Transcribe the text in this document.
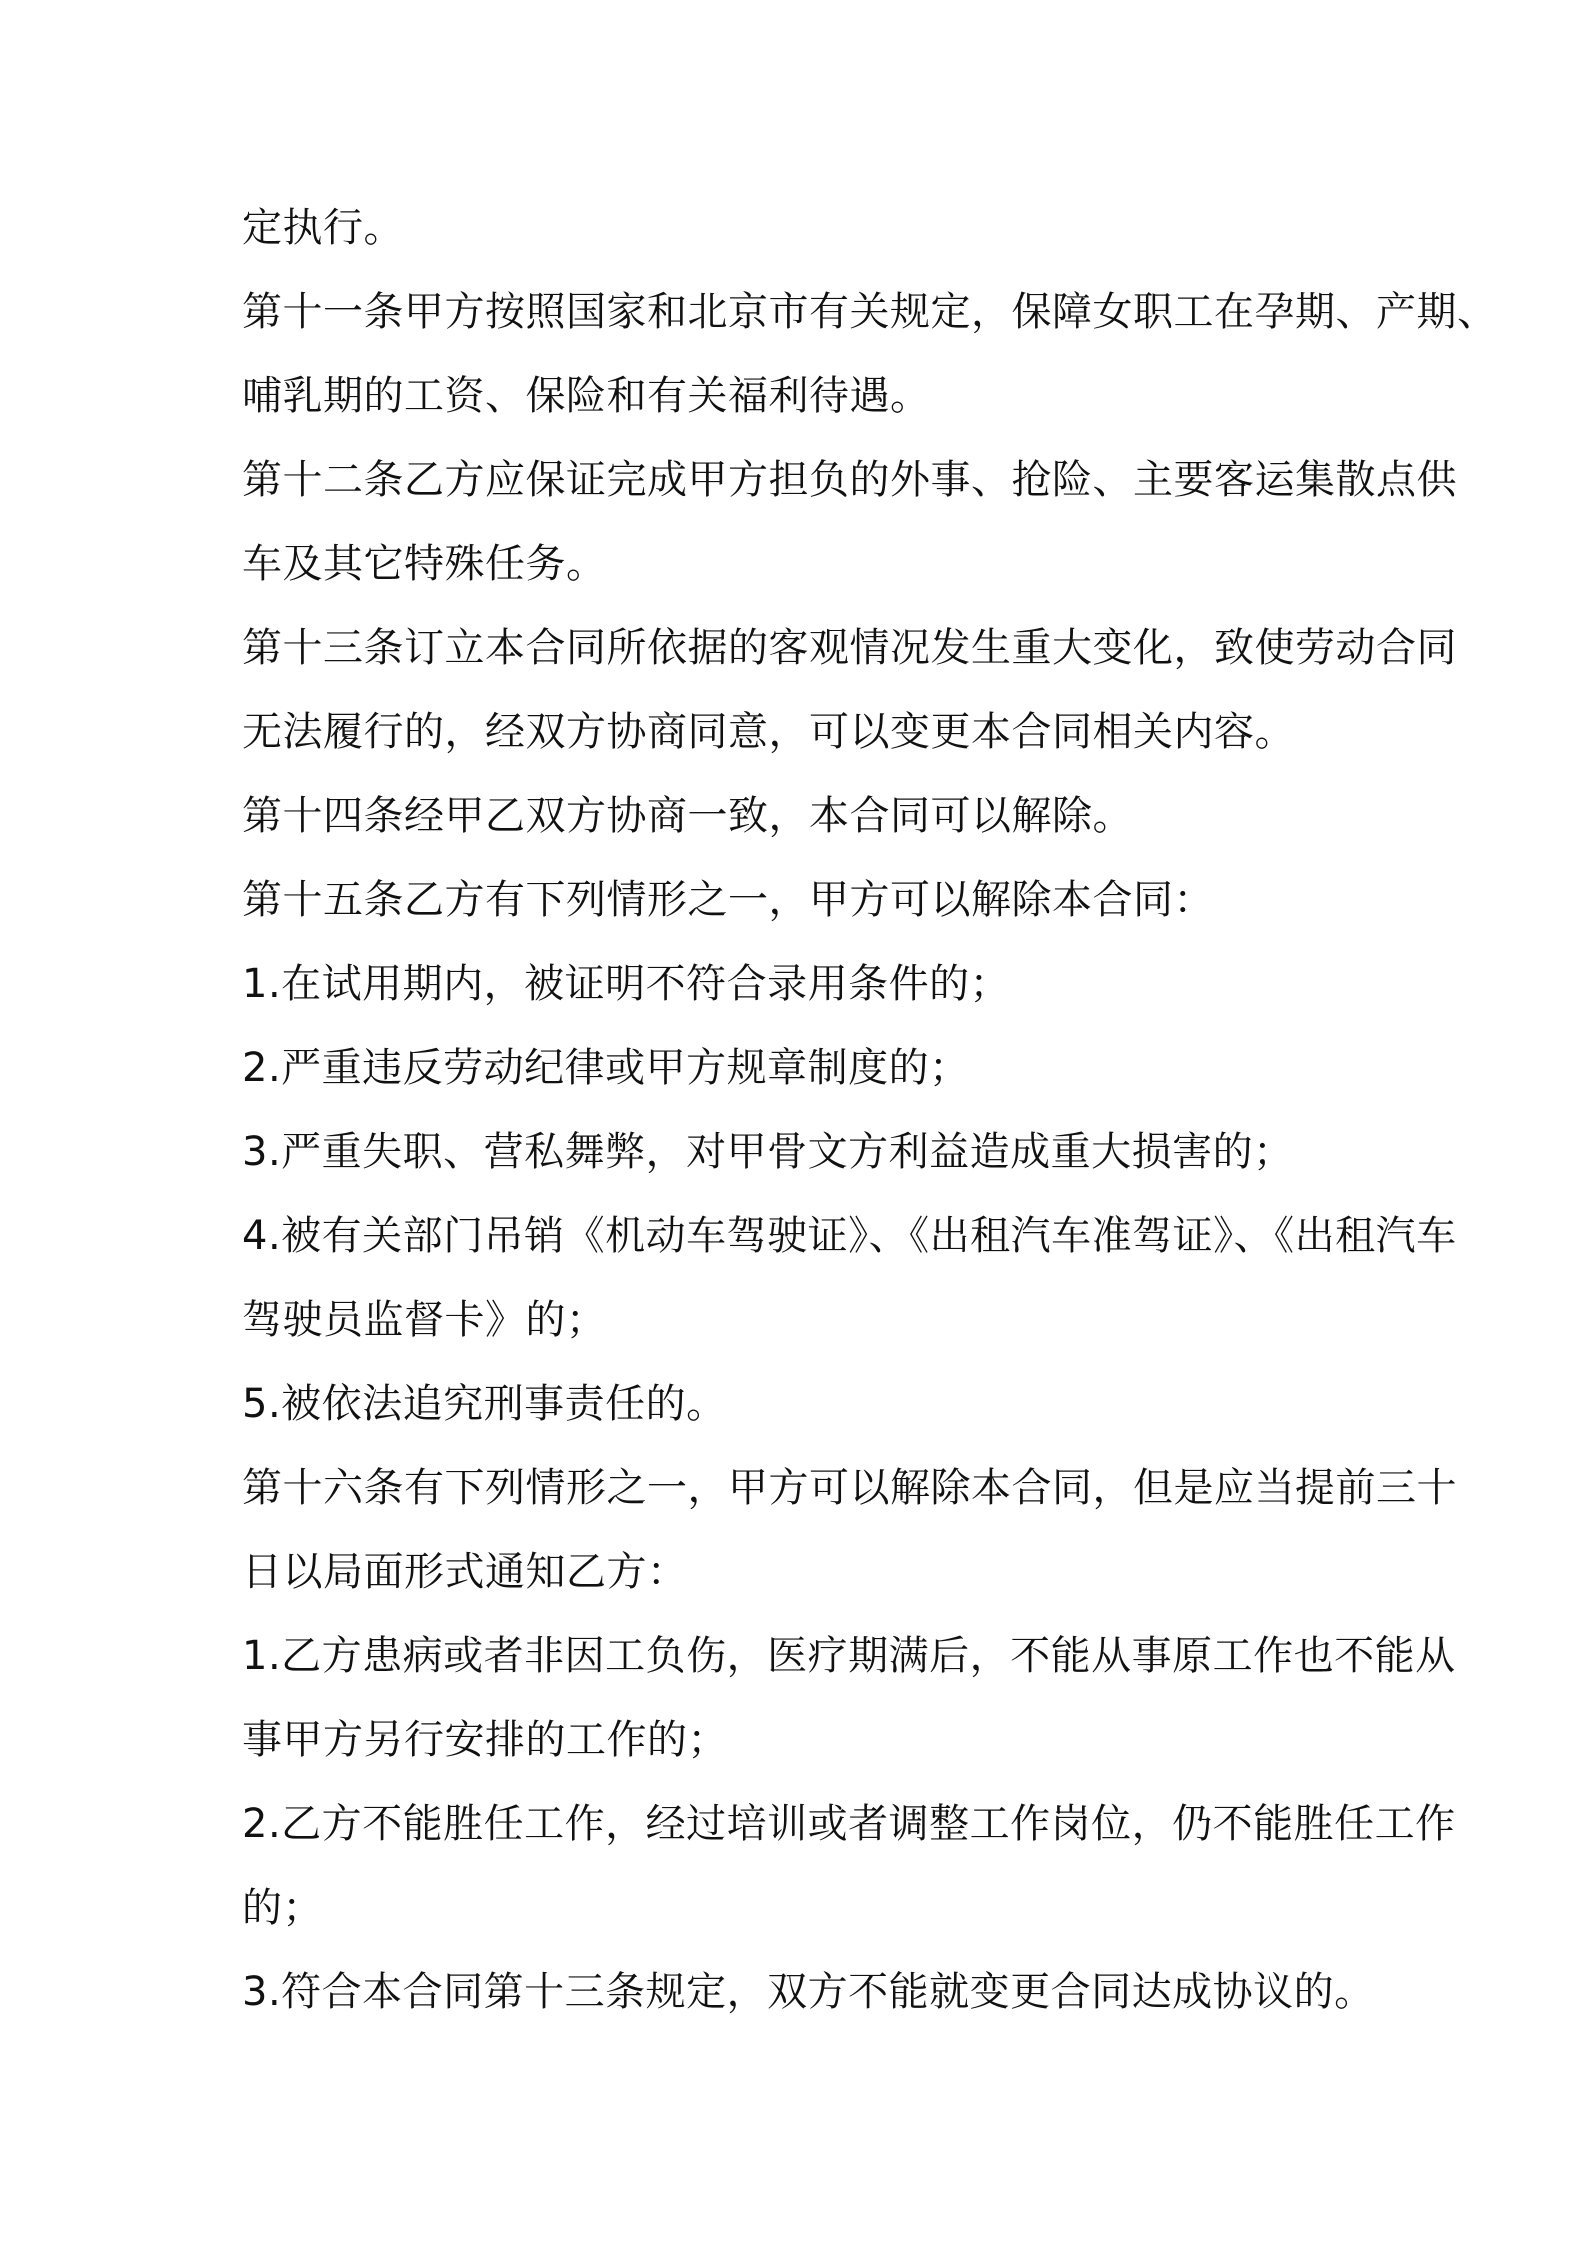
定执行。
第十一条甲方按照国家和北京市有关规定，保障女职工在孕期、产期、
哺乳期的工资、保险和有关福利待遇。
第十二条乙方应保证完成甲方担负的外事、抢险、主要客运集散点供
车及其它特殊任务。
第十三条订立本合同所依据的客观情况发生重大变化，致使劳动合同
无法履行的，经双方协商同意，可以变更本合同相关内容。
第十四条经甲乙双方协商一致，本合同可以解除。
第十五条乙方有下列情形之一，甲方可以解除本合同：
1.在试用期内，被证明不符合录用条件的；
2.严重违反劳动纪律或甲方规章制度的；
3.严重失职、营私舞弊，对甲骨文方利益造成重大损害的；
4.被有关部门吊销《机动车驾驶证》、《出租汽车准驾证》、《出租汽车
驾驶员监督卡》的；
5.被依法追究刑事责任的。
第十六条有下列情形之一，甲方可以解除本合同，但是应当提前三十
日以局面形式通知乙方：
1.乙方患病或者非因工负伤，医疗期满后，不能从事原工作也不能从
事甲方另行安排的工作的；
2.乙方不能胜任工作，经过培训或者调整工作岗位，仍不能胜任工作
的；
3.符合本合同第十三条规定，双方不能就变更合同达成协议的。
